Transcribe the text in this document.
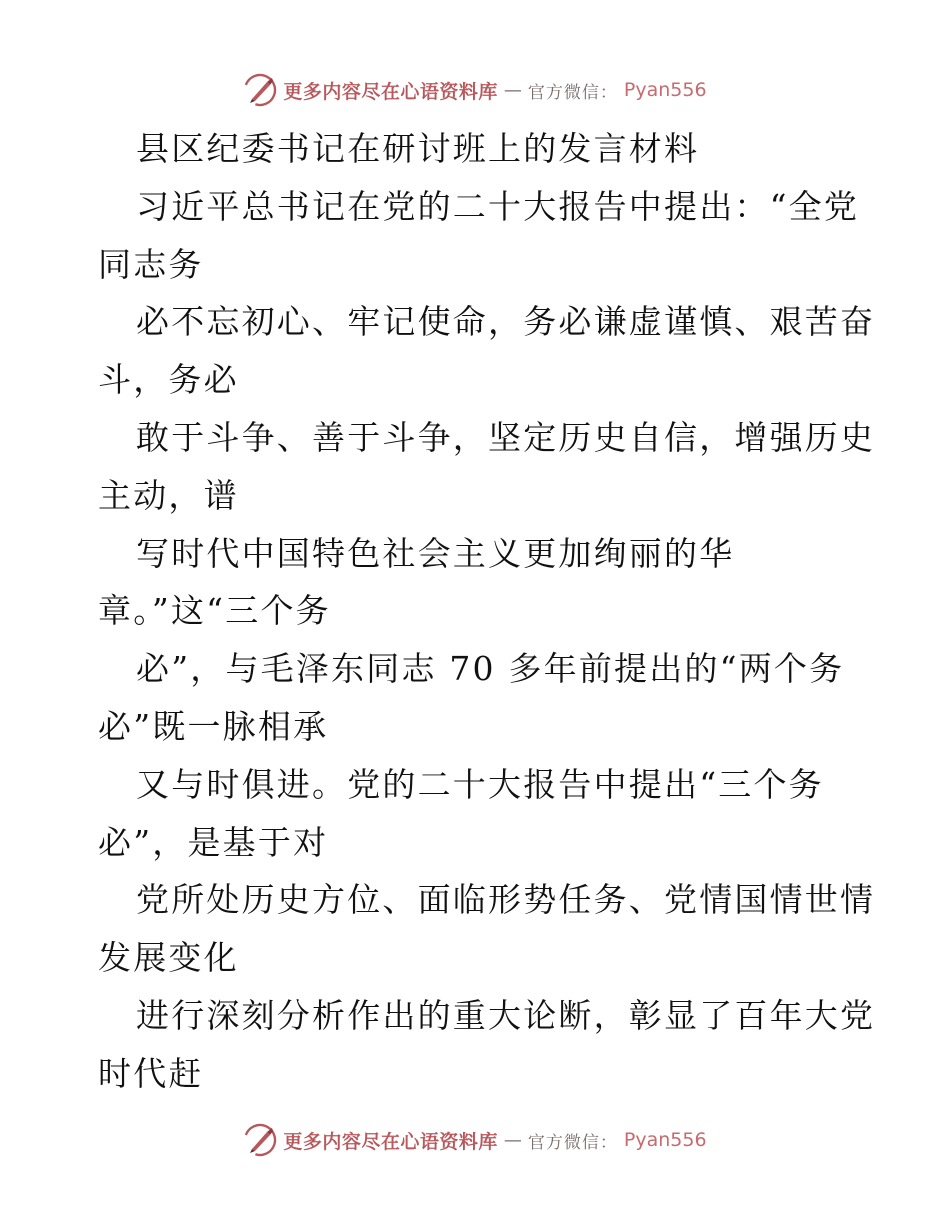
更多内容尽在心语资料库 — 官方微信： Pyan556
县区纪委书记在研讨班上的发言材料
习近平总书记在党的二十大报告中提出：“全党
同志务
必不忘初心、牢记使命，务必谦虚谨慎、艰苦奋
斗，务必
敢于斗争、善于斗争，坚定历史自信，增强历史
主动，谱
写时代中国特色社会主义更加绚丽的华
章。”这“三个务
必”，与毛泽东同志 70 多年前提出的“两个务
必”既一脉相承
又与时俱进。党的二十大报告中提出“三个务
必”，是基于对
党所处历史方位、面临形势任务、党情国情世情
发展变化
进行深刻分析作出的重大论断，彰显了百年大党
时代赶
更多内容尽在心语资料库 — 官方微信： Pyan556
